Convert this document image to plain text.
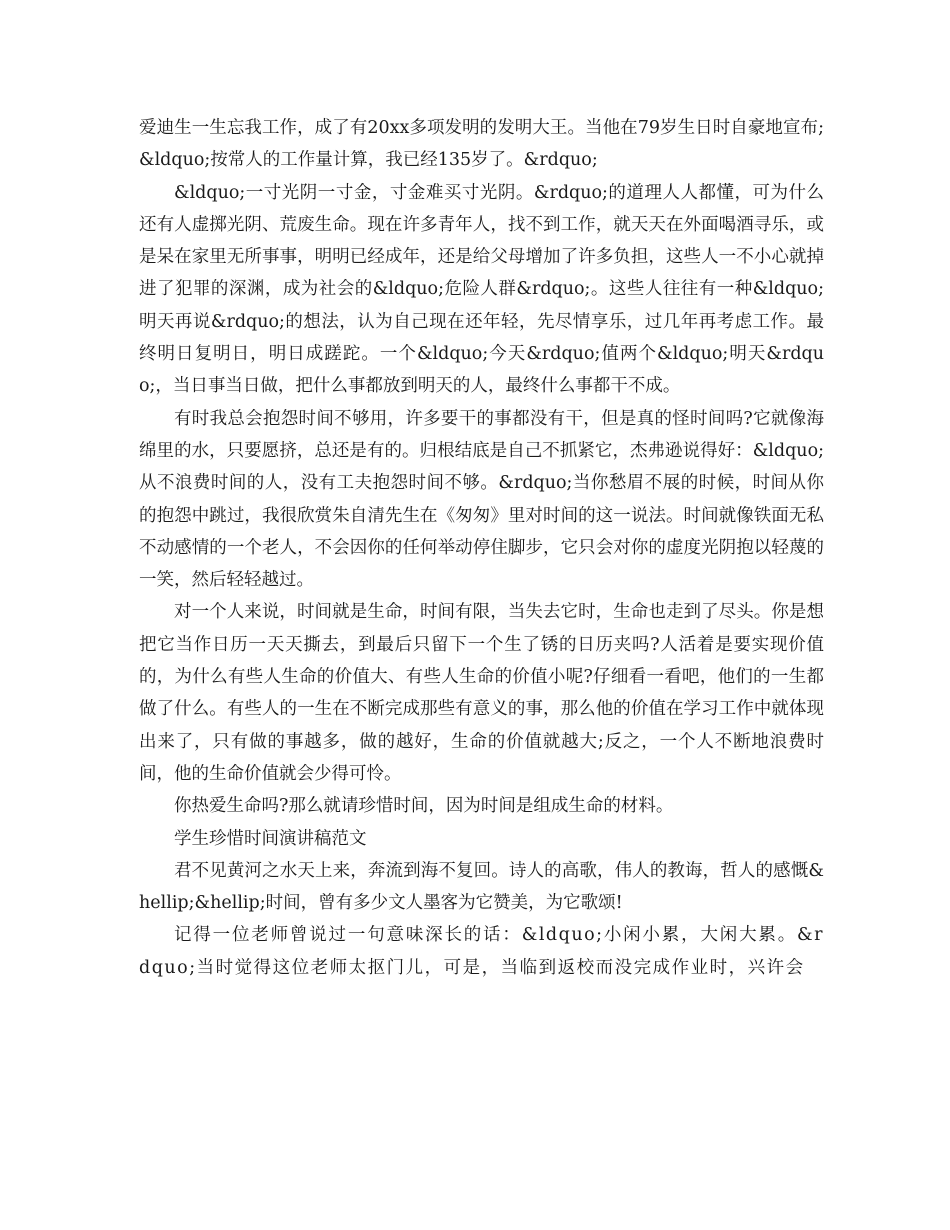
爱迪生一生忘我工作，成了有20xx多项发明的发明大王。当他在79岁生日时自豪地宣布;&ldquo;按常人的工作量计算，我已经135岁了。&rdquo;

&ldquo;一寸光阴一寸金，寸金难买寸光阴。&rdquo;的道理人人都懂，可为什么还有人虚掷光阴、荒废生命。现在许多青年人，找不到工作，就天天在外面喝酒寻乐，或是呆在家里无所事事，明明已经成年，还是给父母增加了许多负担，这些人一不小心就掉进了犯罪的深渊，成为社会的&ldquo;危险人群&rdquo;。这些人往往有一种&ldquo;明天再说&rdquo;的想法，认为自己现在还年轻，先尽情享乐，过几年再考虑工作。最终明日复明日，明日成蹉跎。一个&ldquo;今天&rdquo;值两个&ldquo;明天&rdquo;，当日事当日做，把什么事都放到明天的人，最终什么事都干不成。

有时我总会抱怨时间不够用，许多要干的事都没有干，但是真的怪时间吗?它就像海绵里的水，只要愿挤，总还是有的。归根结底是自己不抓紧它，杰弗逊说得好：&ldquo;从不浪费时间的人，没有工夫抱怨时间不够。&rdquo;当你愁眉不展的时候，时间从你的抱怨中跳过，我很欣赏朱自清先生在《匆匆》里对时间的这一说法。时间就像铁面无私不动感情的一个老人，不会因你的任何举动停住脚步，它只会对你的虚度光阴抱以轻蔑的一笑，然后轻轻越过。

对一个人来说，时间就是生命，时间有限，当失去它时，生命也走到了尽头。你是想把它当作日历一天天撕去，到最后只留下一个生了锈的日历夹吗?人活着是要实现价值的，为什么有些人生命的价值大、有些人生命的价值小呢?仔细看一看吧，他们的一生都做了什么。有些人的一生在不断完成那些有意义的事，那么他的价值在学习工作中就体现出来了，只有做的事越多，做的越好，生命的价值就越大;反之，一个人不断地浪费时间，他的生命价值就会少得可怜。

你热爱生命吗?那么就请珍惜时间，因为时间是组成生命的材料。

学生珍惜时间演讲稿范文

君不见黄河之水天上来，奔流到海不复回。诗人的高歌，伟人的教诲，哲人的感慨&hellip;&hellip;时间，曾有多少文人墨客为它赞美，为它歌颂!

记得一位老师曾说过一句意味深长的话：&ldquo;小闲小累，大闲大累。&rdquo;当时觉得这位老师太抠门儿，可是，当临到返校而没完成作业时，兴许会
